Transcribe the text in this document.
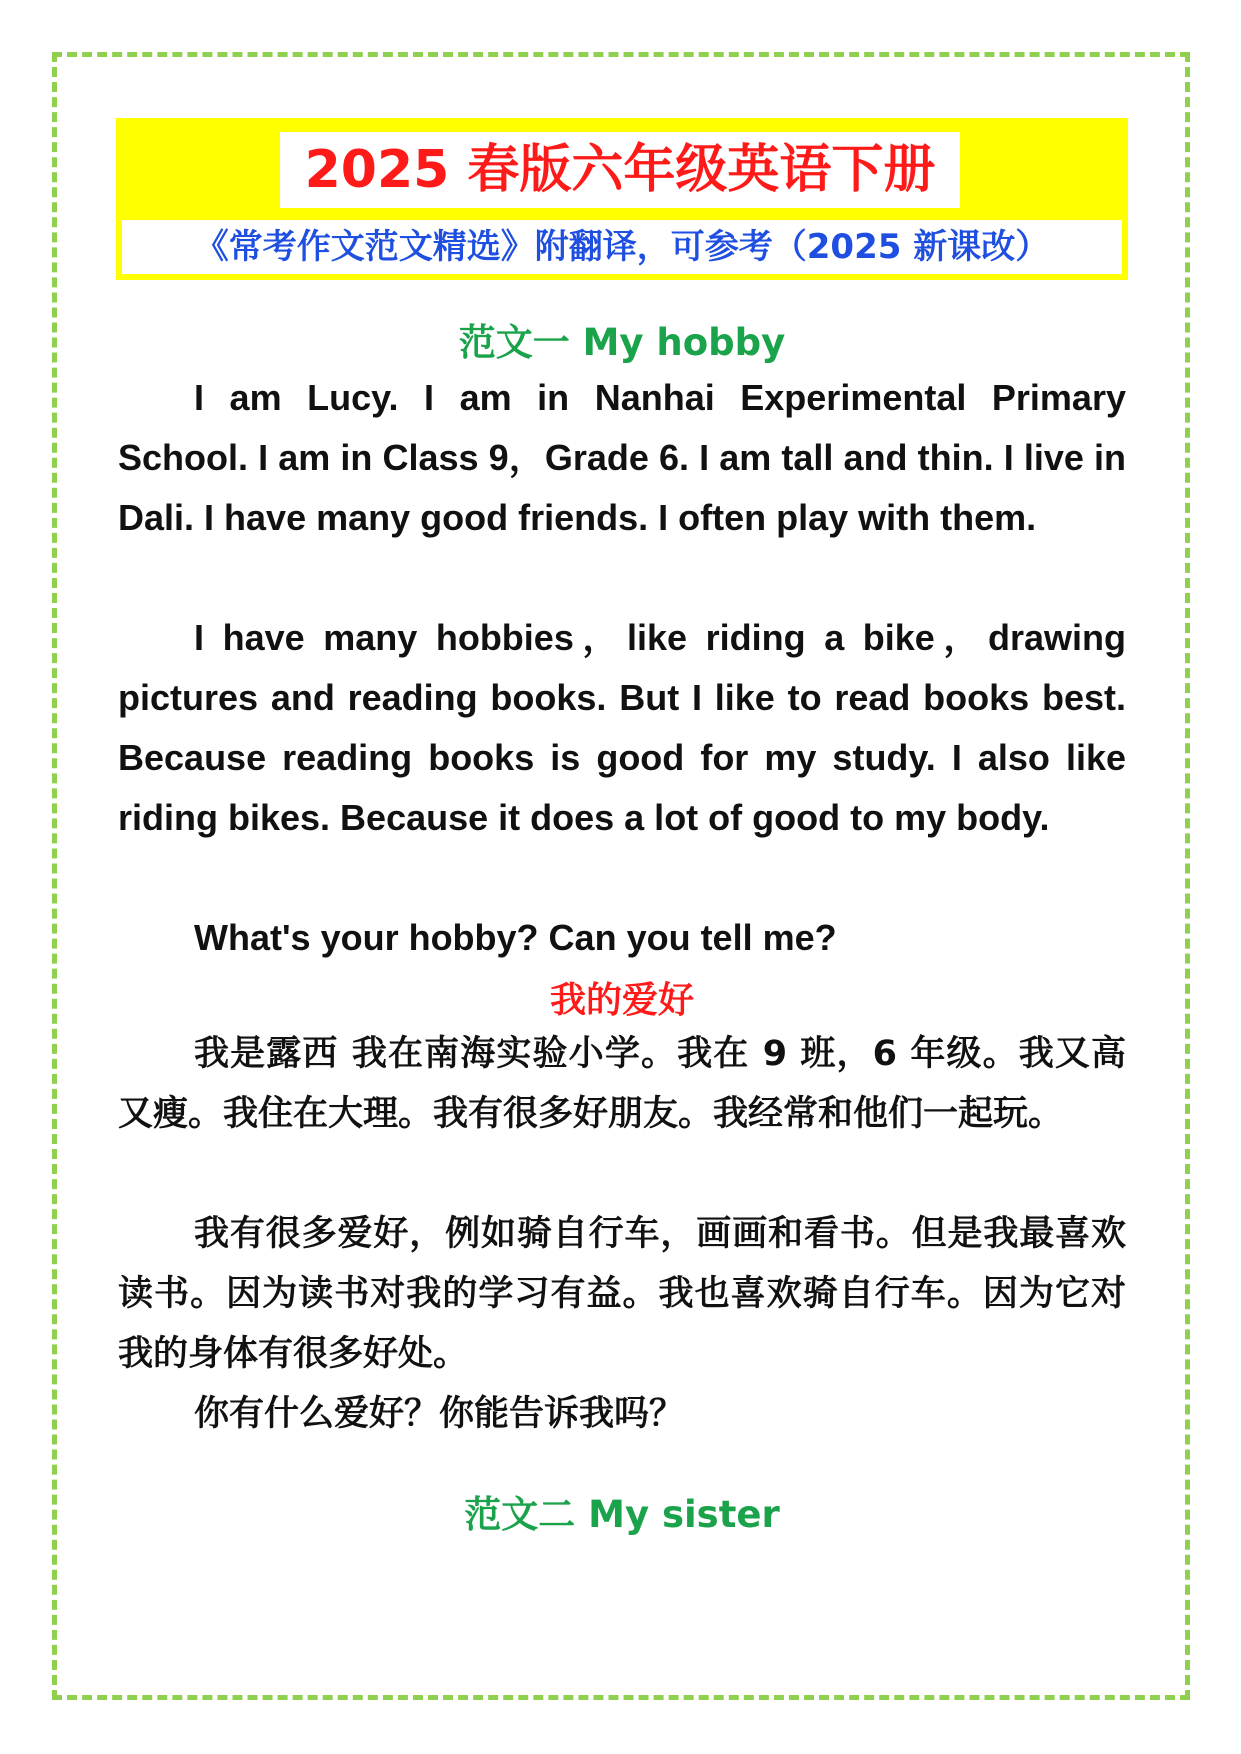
2025 春版六年级英语下册
《常考作文范文精选》附翻译，可参考（2025 新课改）
范文一 My hobby

I am Lucy. I am in Nanhai Experimental Primary School. I am in Class 9，Grade 6. I am tall and thin. I live in Dali. I have many good friends. I often play with them.

I have many hobbies，like riding a bike，drawing pictures and reading books. But I like to read books best. Because reading books is good for my study. I also like riding bikes. Because it does a lot of good to my body.

What's your hobby? Can you tell me?

我的爱好

我是露西 我在南海实验小学。我在 9 班，6 年级。我又高又瘦。我住在大理。我有很多好朋友。我经常和他们一起玩。

我有很多爱好，例如骑自行车，画画和看书。但是我最喜欢读书。因为读书对我的学习有益。我也喜欢骑自行车。因为它对我的身体有很多好处。

你有什么爱好？你能告诉我吗？

范文二 My sister
